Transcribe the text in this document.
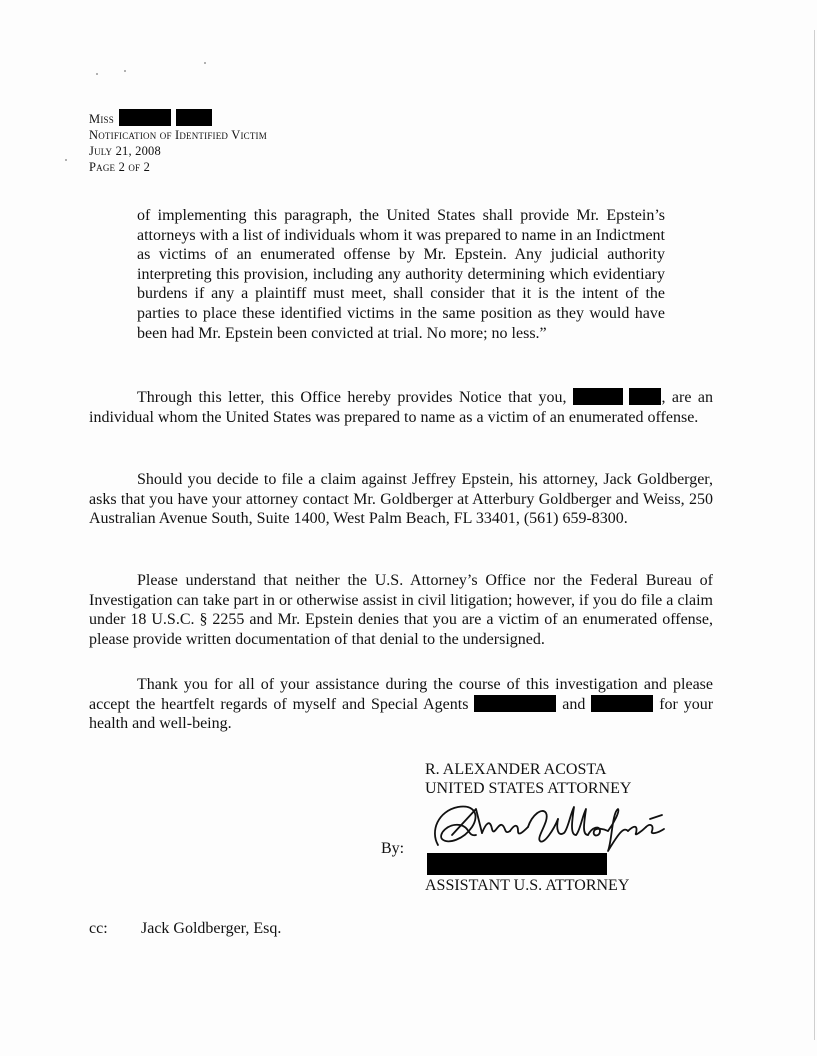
Miss
Notification of Identified Victim
July 21, 2008
Page 2 of 2

of implementing this paragraph, the United States shall provide Mr. Epstein’s attorneys with a list of individuals whom it was prepared to name in an Indictment as victims of an enumerated offense by Mr. Epstein. Any judicial authority interpreting this provision, including any authority determining which evidentiary burdens if any a plaintiff must meet, shall consider that it is the intent of the parties to place these identified victims in the same position as they would have been had Mr. Epstein been convicted at trial. No more; no less.”

Through this letter, this Office hereby provides Notice that you,	, are an individual whom the United States was prepared to name as a victim of an enumerated offense.

Should you decide to file a claim against Jeffrey Epstein, his attorney, Jack Goldberger, asks that you have your attorney contact Mr. Goldberger at Atterbury Goldberger and Weiss, 250 Australian Avenue South, Suite 1400, West Palm Beach, FL 33401, (561) 659-8300.

Please understand that neither the U.S. Attorney’s Office nor the Federal Bureau of Investigation can take part in or otherwise assist in civil litigation; however, if you do file a claim under 18 U.S.C. § 2255 and Mr. Epstein denies that you are a victim of an enumerated offense, please provide written documentation of that denial to the undersigned.

Thank you for all of your assistance during the course of this investigation and please accept the heartfelt regards of myself and Special Agents	and	for your health and well-being.

R. ALEXANDER ACOSTA
UNITED STATES ATTORNEY
By:
ASSISTANT U.S. ATTORNEY
cc: Jack Goldberger, Esq.
